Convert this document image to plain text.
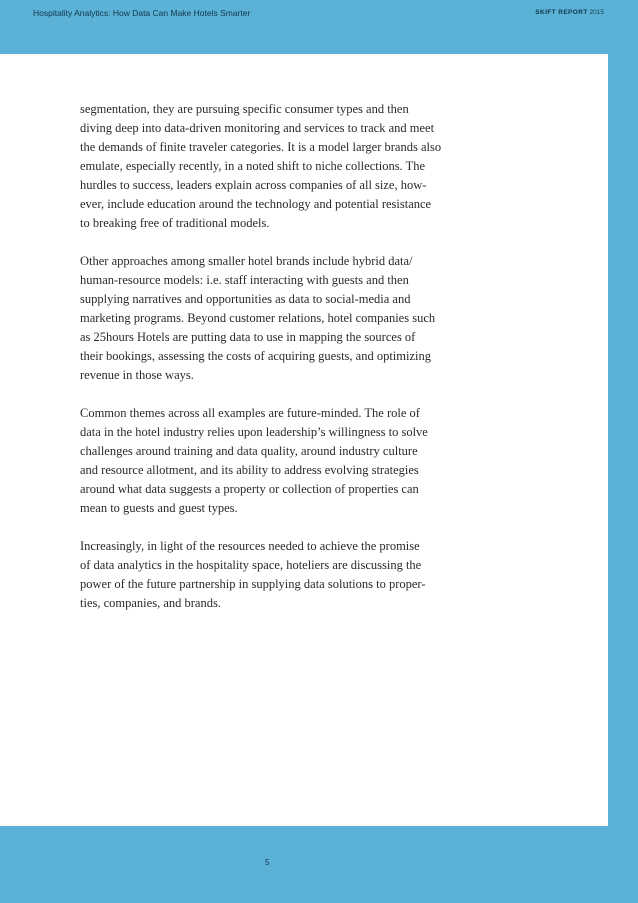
Hospitality Analytics: How Data Can Make Hotels Smarter	SKIFT REPORT 2015

segmentation, they are pursuing specific consumer types and then
diving deep into data-driven monitoring and services to track and meet
the demands of finite traveler categories. It is a model larger brands also
emulate, especially recently, in a noted shift to niche collections. The
hurdles to success, leaders explain across companies of all size, how-
ever, include education around the technology and potential resistance
to breaking free of traditional models.

Other approaches among smaller hotel brands include hybrid data/
human-resource models: i.e. staff interacting with guests and then
supplying narratives and opportunities as data to social-media and
marketing programs. Beyond customer relations, hotel companies such
as 25hours Hotels are putting data to use in mapping the sources of
their bookings, assessing the costs of acquiring guests, and optimizing
revenue in those ways.

Common themes across all examples are future-minded. The role of
data in the hotel industry relies upon leadership’s willingness to solve
challenges around training and data quality, around industry culture
and resource allotment, and its ability to address evolving strategies
around what data suggests a property or collection of properties can
mean to guests and guest types.

Increasingly, in light of the resources needed to achieve the promise
of data analytics in the hospitality space, hoteliers are discussing the
power of the future partnership in supplying data solutions to proper-
ties, companies, and brands.

5
